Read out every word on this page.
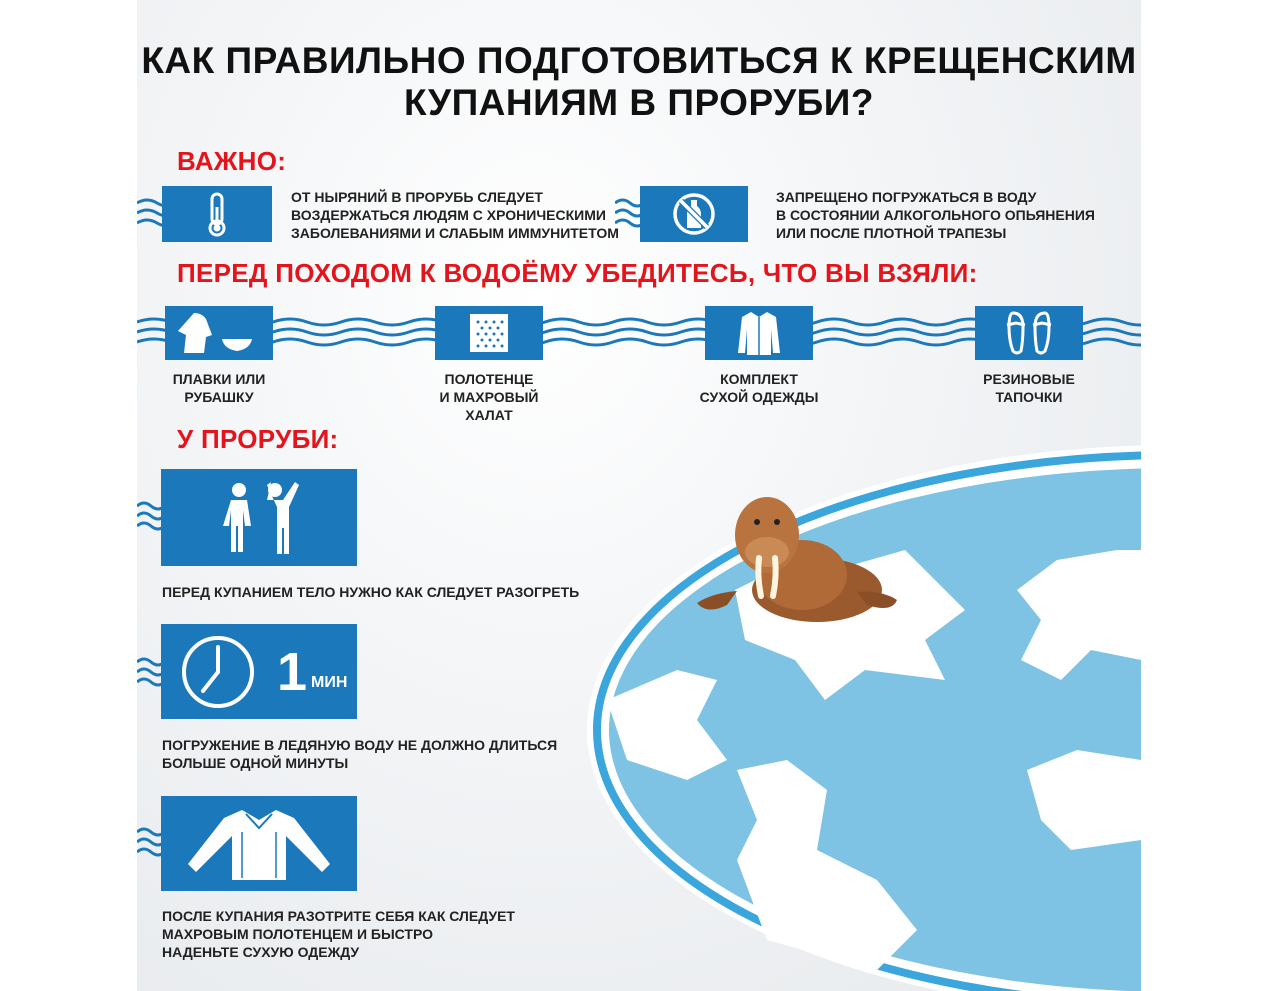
КАК ПРАВИЛЬНО ПОДГОТОВИТЬСЯ К КРЕЩЕНСКИМ
КУПАНИЯМ В ПРОРУБИ?
ВАЖНО:
ОТ НЫРЯНИЙ В ПРОРУБЬ СЛЕДУЕТ
ВОЗДЕРЖАТЬСЯ ЛЮДЯМ С ХРОНИЧЕСКИМИ
ЗАБОЛЕВАНИЯМИ И СЛАБЫМ ИММУНИТЕТОМ
ЗАПРЕЩЕНО ПОГРУЖАТЬСЯ В ВОДУ
В СОСТОЯНИИ АЛКОГОЛЬНОГО ОПЬЯНЕНИЯ
ИЛИ ПОСЛЕ ПЛОТНОЙ ТРАПЕЗЫ
ПЕРЕД ПОХОДОМ К ВОДОЁМУ УБЕДИТЕСЬ, ЧТО ВЫ ВЗЯЛИ:
ПЛАВКИ ИЛИ
РУБАШКУ
ПОЛОТЕНЦЕ
И МАХРОВЫЙ
ХАЛАТ
КОМПЛЕКТ
СУХОЙ ОДЕЖДЫ
РЕЗИНОВЫЕ
ТАПОЧКИ
У ПРОРУБИ:
ПЕРЕД КУПАНИЕМ ТЕЛО НУЖНО КАК СЛЕДУЕТ РАЗОГРЕТЬ
1 МИН
ПОГРУЖЕНИЕ В ЛЕДЯНУЮ ВОДУ НЕ ДОЛЖНО ДЛИТЬСЯ
БОЛЬШЕ ОДНОЙ МИНУТЫ
ПОСЛЕ КУПАНИЯ РАЗОТРИТЕ СЕБЯ КАК СЛЕДУЕТ
МАХРОВЫМ ПОЛОТЕНЦЕМ И БЫСТРО
НАДЕНЬТЕ СУХУЮ ОДЕЖДУ
